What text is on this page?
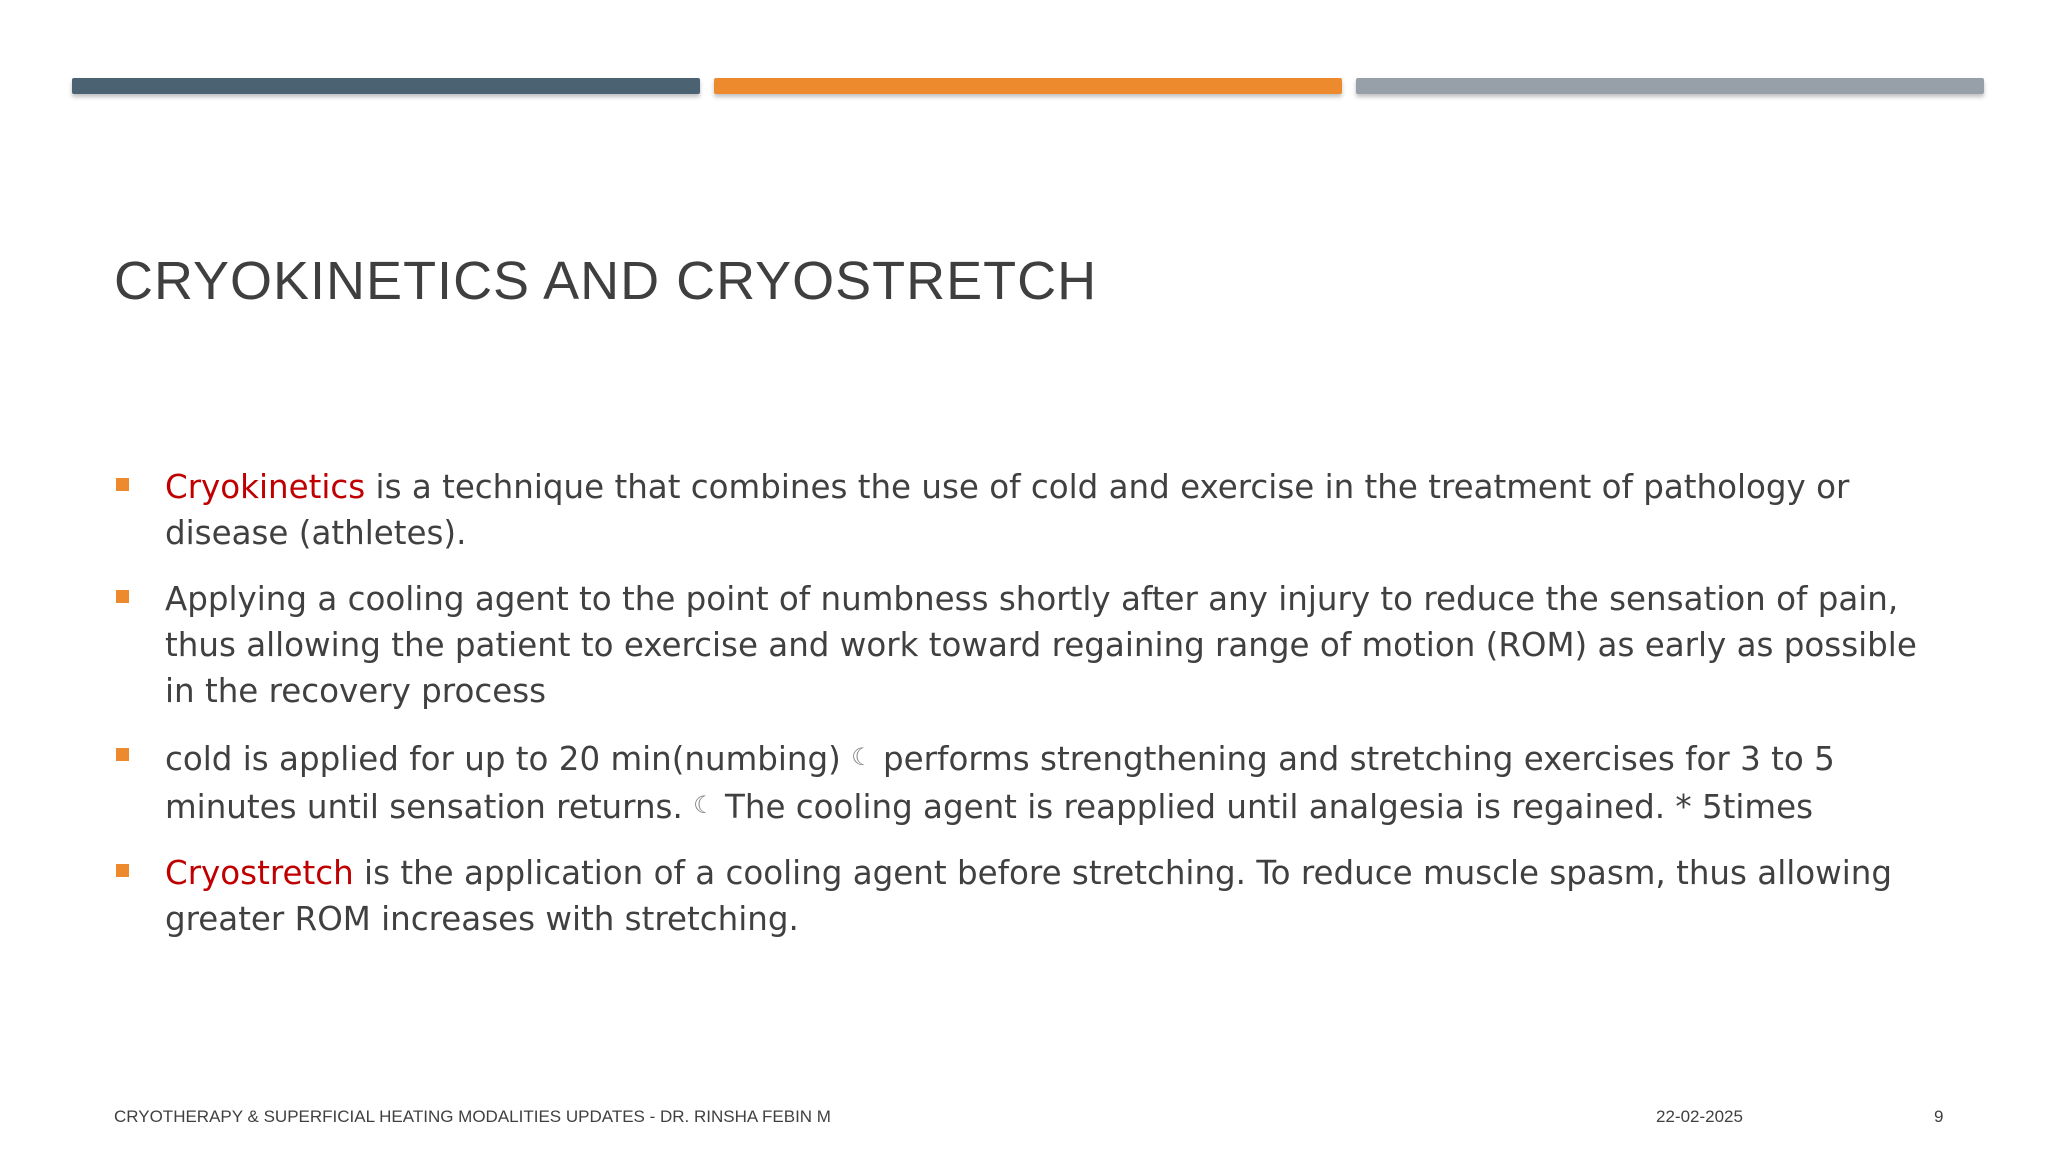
CRYOKINETICS AND CRYOSTRETCH
Cryokinetics is a technique that combines the use of cold and exercise in the treatment of pathology or disease (athletes).
Applying a cooling agent to the point of numbness shortly after any injury to reduce the sensation of pain, thus allowing the patient to exercise and work toward regaining range of motion (ROM) as early as possible in the recovery process
cold is applied for up to 20 min(numbing) ☾ performs strengthening and stretching exercises for 3 to 5 minutes until sensation returns. ☾ The cooling agent is reapplied until analgesia is regained. * 5times
Cryostretch is the application of a cooling agent before stretching. To reduce muscle spasm, thus allowing greater ROM increases with stretching.
CRYOTHERAPY & SUPERFICIAL HEATING MODALITIES UPDATES - DR. RINSHA FEBIN M	22-02-2025	9
